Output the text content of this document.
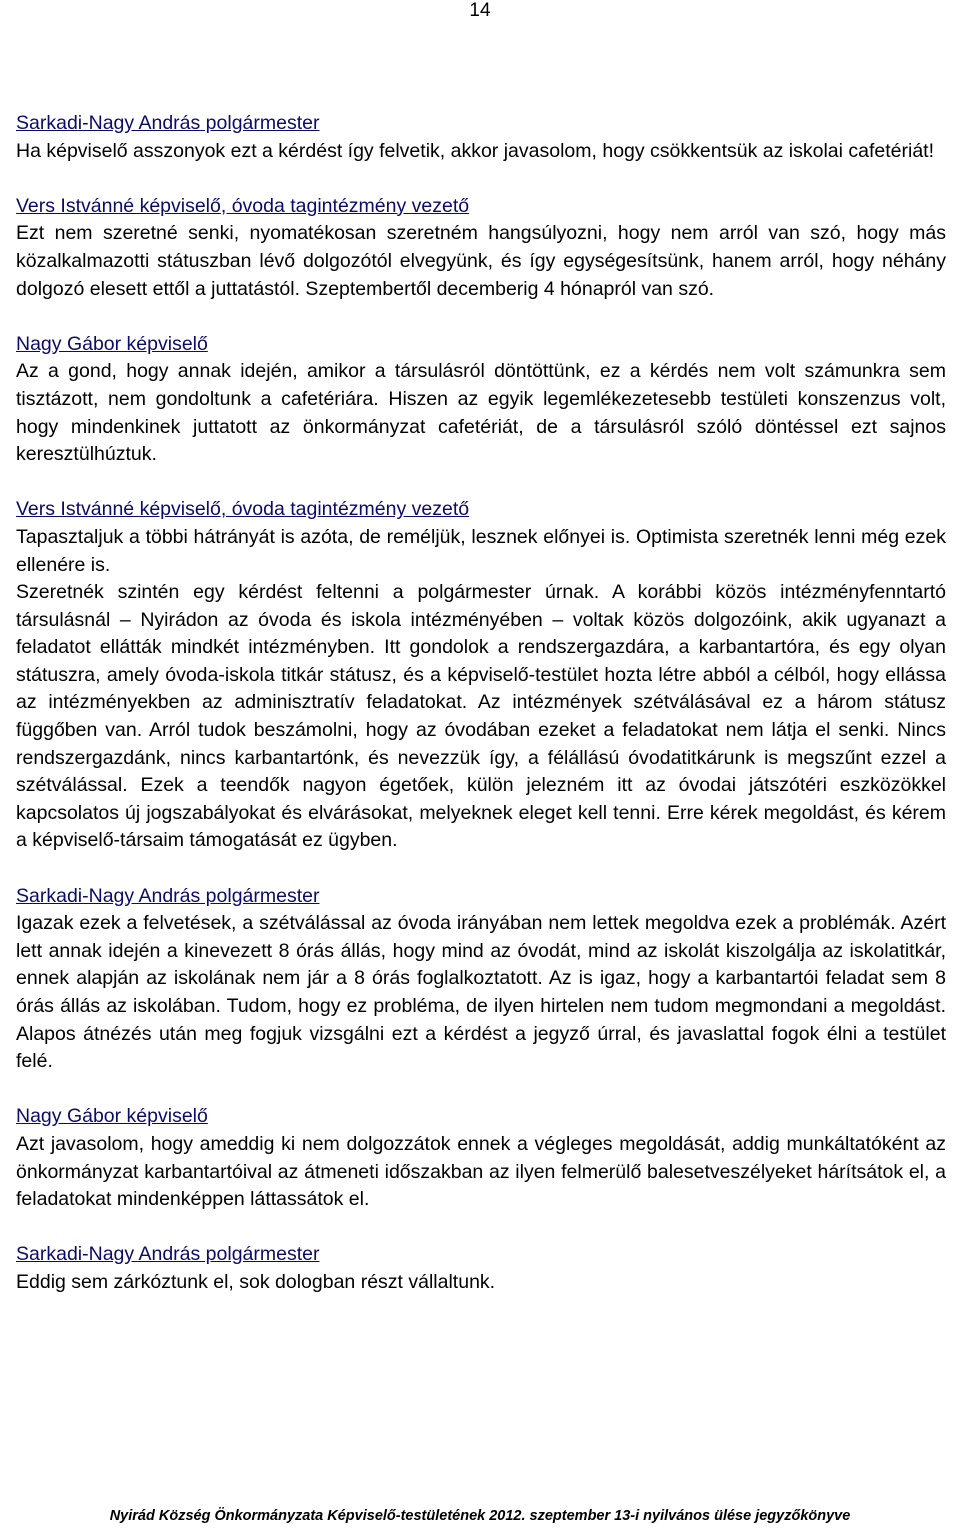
14
Sarkadi-Nagy András polgármester
Ha képviselő asszonyok ezt a kérdést így felvetik, akkor javasolom, hogy csökkentsük az iskolai cafetériát!
Vers Istvánné képviselő, óvoda tagintézmény vezető
Ezt nem szeretné senki, nyomatékosan szeretném hangsúlyozni, hogy nem arról van szó, hogy más közalkalmazotti státuszban lévő dolgozótól elvegyünk, és így egységesítsünk, hanem arról, hogy néhány dolgozó elesett ettől a juttatástól. Szeptembertől decemberig 4 hónapról van szó.
Nagy Gábor képviselő
Az a gond, hogy annak idején, amikor a társulásról döntöttünk, ez a kérdés nem volt számunkra sem tisztázott, nem gondoltunk a cafetériára. Hiszen az egyik legemlékezetesebb testületi konszenzus volt, hogy mindenkinek juttatott az önkormányzat cafetériát, de a társulásról szóló döntéssel ezt sajnos keresztülhúztuk.
Vers Istvánné képviselő, óvoda tagintézmény vezető
Tapasztaljuk a többi hátrányát is azóta, de reméljük, lesznek előnyei is. Optimista szeretnék lenni még ezek ellenére is.
Szeretnék szintén egy kérdést feltenni a polgármester úrnak. A korábbi közös intézményfenntartó társulásnál – Nyirádon az óvoda és iskola intézményében – voltak közös dolgozóink, akik ugyanazt a feladatot ellátták mindkét intézményben. Itt gondolok a rendszergazdára, a karbantartóra, és egy olyan státuszra, amely óvoda-iskola titkár státusz, és a képviselő-testület hozta létre abból a célból, hogy ellássa az intézményekben az adminisztratív feladatokat. Az intézmények szétválásával ez a három státusz függőben van. Arról tudok beszámolni, hogy az óvodában ezeket a feladatokat nem látja el senki. Nincs rendszergazdánk, nincs karbantartónk, és nevezzük így, a félállású óvodatitkárunk is megszűnt ezzel a szétválással. Ezek a teendők nagyon égetőek, külön jelezném itt az óvodai játszótéri eszközökkel kapcsolatos új jogszabályokat és elvárásokat, melyeknek eleget kell tenni. Erre kérek megoldást, és kérem a képviselő-társaim támogatását ez ügyben.
Sarkadi-Nagy András polgármester
Igazak ezek a felvetések, a szétválással az óvoda irányában nem lettek megoldva ezek a problémák. Azért lett annak idején a kinevezett 8 órás állás, hogy mind az óvodát, mind az iskolát kiszolgálja az iskolatitkár, ennek alapján az iskolának nem jár a 8 órás foglalkoztatott. Az is igaz, hogy a karbantartói feladat sem 8 órás állás az iskolában. Tudom, hogy ez probléma, de ilyen hirtelen nem tudom megmondani a megoldást. Alapos átnézés után meg fogjuk vizsgálni ezt a kérdést a jegyző úrral, és javaslattal fogok élni a testület felé.
Nagy Gábor képviselő
Azt javasolom, hogy ameddig ki nem dolgozzátok ennek a végleges megoldását, addig munkáltatóként az önkormányzat karbantartóival az átmeneti időszakban az ilyen felmerülő balesetveszélyeket hárítsátok el, a feladatokat mindenképpen láttassátok el.
Sarkadi-Nagy András polgármester
Eddig sem zárkóztunk el, sok dologban részt vállaltunk.
Nyirád Község Önkormányzata Képviselő-testületének 2012. szeptember 13-i nyilvános ülése jegyzőkönyve
